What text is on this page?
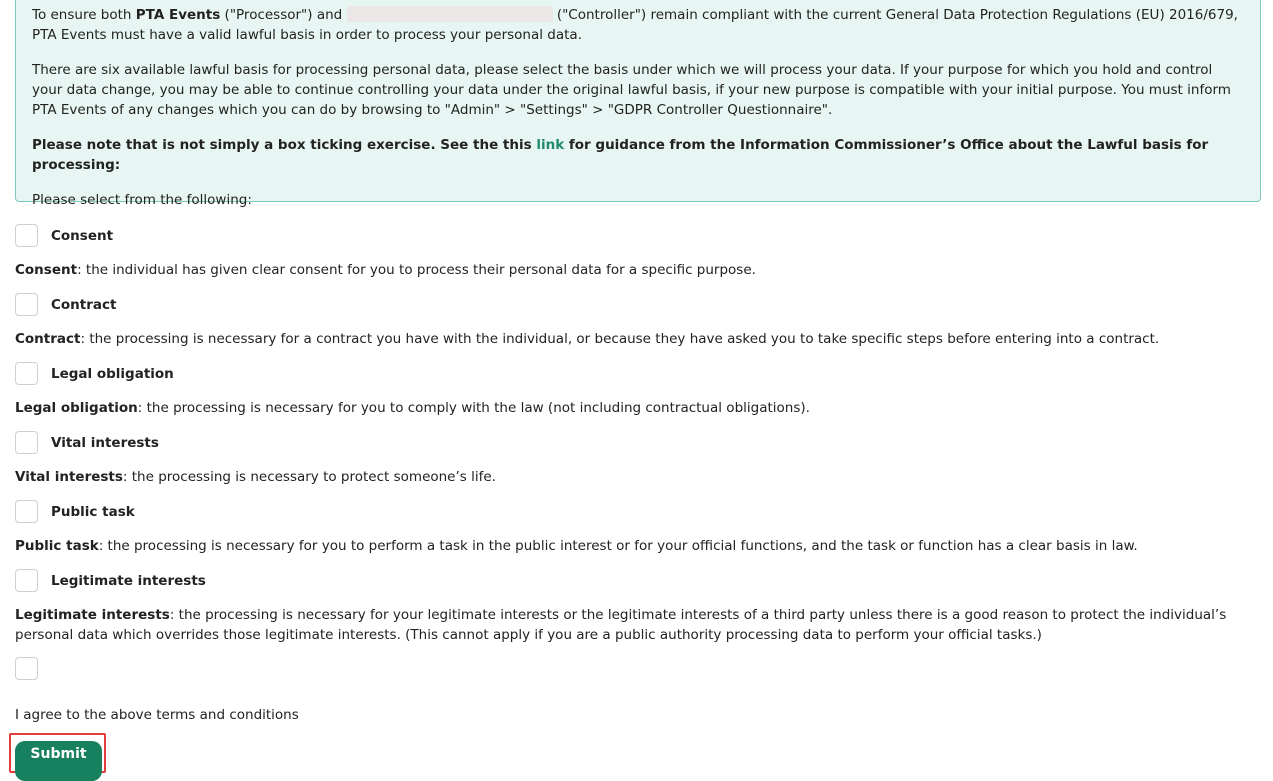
To ensure both PTA Events ("Processor") and	("Controller") remain compliant with the current General Data Protection Regulations (EU) 2016/679, PTA Events must have a valid lawful basis in order to process your personal data.

There are six available lawful basis for processing personal data, please select the basis under which we will process your data. If your purpose for which you hold and control your data change, you may be able to continue controlling your data under the original lawful basis, if your new purpose is compatible with your initial purpose. You must inform PTA Events of any changes which you can do by browsing to "Admin" > "Settings" > "GDPR Controller Questionnaire".

Please note that is not simply a box ticking exercise. See the this link for guidance from the Information Commissioner’s Office about the Lawful basis for processing:

Please select from the following:

Consent
Consent: the individual has given clear consent for you to process their personal data for a specific purpose.
Contract
Contract: the processing is necessary for a contract you have with the individual, or because they have asked you to take specific steps before entering into a contract.
Legal obligation
Legal obligation: the processing is necessary for you to comply with the law (not including contractual obligations).
Vital interests
Vital interests: the processing is necessary to protect someone’s life.
Public task
Public task: the processing is necessary for you to perform a task in the public interest or for your official functions, and the task or function has a clear basis in law.
Legitimate interests
Legitimate interests: the processing is necessary for your legitimate interests or the legitimate interests of a third party unless there is a good reason to protect the individual’s personal data which overrides those legitimate interests. (This cannot apply if you are a public authority processing data to perform your official tasks.)
I agree to the above terms and conditions
Submit
